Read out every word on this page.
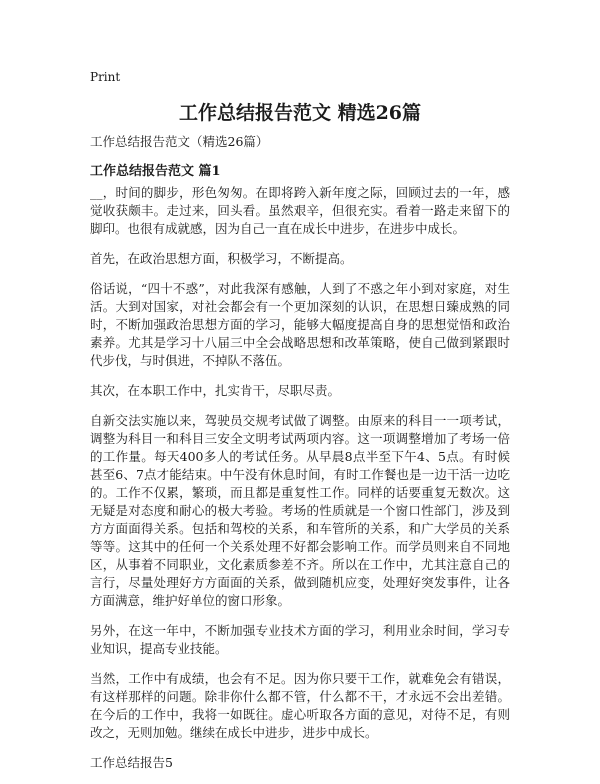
Print
工作总结报告范文 精选26篇
工作总结报告范文（精选26篇）
工作总结报告范文 篇1

__，时间的脚步，形色匆匆。在即将跨入新年度之际，回顾过去的一年，感觉收获颇丰。走过来，回头看。虽然艰辛，但很充实。看着一路走来留下的脚印。也很有成就感，因为自己一直在成长中进步，在进步中成长。

首先，在政治思想方面，积极学习，不断提高。

俗话说，“四十不惑”，对此我深有感触，人到了不惑之年小到对家庭，对生活。大到对国家，对社会都会有一个更加深刻的认识，在思想日臻成熟的同时，不断加强政治思想方面的学习，能够大幅度提高自身的思想觉悟和政治素养。尤其是学习十八届三中全会战略思想和改革策略，使自己做到紧跟时代步伐，与时俱进，不掉队不落伍。

其次，在本职工作中，扎实肯干，尽职尽责。

自新交法实施以来，驾驶员交规考试做了调整。由原来的科目一一项考试，调整为科目一和科目三安全文明考试两项内容。这一项调整增加了考场一倍的工作量。每天400多人的考试任务。从早晨8点半至下午4、5点。有时候甚至6、7点才能结束。中午没有休息时间，有时工作餐也是一边干活一边吃的。工作不仅累，繁琐，而且都是重复性工作。同样的话要重复无数次。这无疑是对态度和耐心的极大考验。考场的性质就是一个窗口性部门，涉及到方方面面得关系。包括和驾校的关系，和车管所的关系，和广大学员的关系等等。这其中的任何一个关系处理不好都会影响工作。而学员则来自不同地区，从事着不同职业，文化素质参差不齐。所以在工作中，尤其注意自己的言行，尽量处理好方方面面的关系，做到随机应变，处理好突发事件，让各方面满意，维护好单位的窗口形象。

另外，在这一年中，不断加强专业技术方面的学习，利用业余时间，学习专业知识，提高专业技能。

当然，工作中有成绩，也会有不足。因为你只要干工作，就难免会有错误，有这样那样的问题。除非你什么都不管，什么都不干，才永远不会出差错。在今后的工作中，我将一如既往。虚心听取各方面的意见，对待不足，有则改之，无则加勉。继续在成长中进步，进步中成长。

工作总结报告5
